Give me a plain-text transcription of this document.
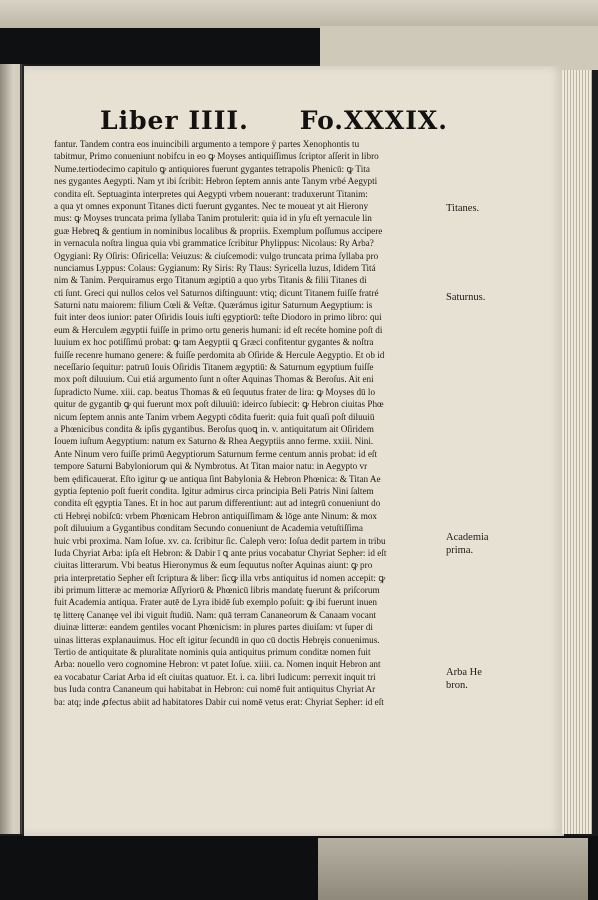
Liber IIII. Fo.XXXIX.
fantur. Tandem contra eos inuincibili argumento a tempore ÿ partes Xenophontis tu
tabitmur, Primo conueniunt nobifcu in eo ꝙ Moyses antiquiſſimus ſcriptor aſſerit in libro
Nume.tertiodecimo capitulo ꝙ antiquiores fuerunt gygantes tetrapolis Phenicū: ꝙ Tita
nes gygantes Aegypti. Nam yt ibi ſcribit: Hebron ſeptem annis ante Tanym vrbé Aegypti
condita eſt. Septuaginta interpretes qui Aegypti vrbem nouerant: traduxerunt Titanim:
a qua yt omnes exponunt Titanes dicti fuerunt gygantes. Nec te moueat yt ait Hierony
mus: ꝙ Moyses truncata prima ſyllaba Tanim protulerit: quia id in yſu eſt yernacule lin
guæ Hebreꝗ & gentium in nominibus localibus & propriis. Exemplum poſſumus accipere
in vernacula noſtra lingua quia vbi grammatice ſcribitur Phylippus: Nicolaus: Ry Arba?
Ogygiani: Ry Oſiris: Oſiricella: Veiuzus: & ciuſcemodi: vulgo truncata prima ſyllaba pro
nunciamus Lyppus: Colaus: Gygianum: Ry Siris: Ry Tlaus: Syricella luzus, Ididem Titá
nim & Tanim. Perquiramus ergo Titanum ægiptiū a quo yrbs Titanis & filii Titanes di
cti ſunt. Greci qui nullos celos vel Saturnos diſtinguunt: vtiq; dicunt Titanem fuiſſe fratré
Saturni natu maiorem: filium Cœli & Veſtæ. Quærámus igitur Saturnum Aegyptium: is
fuit inter deos iunior: pater Oſiridis Iouis iuſti ęgyptiorū: teſte Diodoro in primo libro: qui
eum & Herculem ægyptii fuiſſe in primo ortu generis humani: id eſt recéte homine poſt di
luuium ex hoc potiſſimú probat: ꝙ tam Aegyptii ꝗ Græci confitentur gygantes & noſtra
fuiſſe recenre humano genere: & fuiſſe perdomita ab Oſiride & Hercule Aegyptio. Et ob id
neceſſario ſequitur: patruū Iouis Oſiridis Titanem ægyptiū: & Saturnum egyptium fuiſſe
mox poſt diluuium. Cui etiá argumento ſunt n oſter Aquinas Thomas & Beroſus. Ait eni
ſupradicto Nume. xiii. cap. beatus Thomas & eū ſequutus frater de lira: ꝙ Moyses dū lo
quitur de gygantib ꝙ qui fuerunt mox poſt diluuiū: ideirco ſubiecit: ꝙ Hebron ciuitas Phœ
nicum ſeptem annis ante Tanim vrbem Aegypti cōdita fuerit: quia fuit quaſi poſt diluuiū
a Phœnicibus condita & ipſis gygantibus. Beroſus quoꝗ in. v. antiquitatum ait Oſiridem
Iouem iuſtum Aegyptium: natum ex Saturno & Rhea Aegyptiis anno ferme. xxiii. Nini.
Ante Ninum vero fuiſſe primū Aegyptiorum Saturnum ferme centum annis probat: id eſt
tempore Saturni Babyloniorum qui & Nymbrotus. At Titan maior natu: in Aegypto vr
bem ędificauerat. Eſto igitur ꝙ ue antiqua ſint Babylonia & Hebron Phœnica: & Titan Ae
gyptia ſeptenio poſt fuerit condita. Igitur admirus circa principia Beli Patris Nini ſaltem
condita eſt ęgyptia Tanes. Et in hoc aut parum differentiunt: aut ad integrū conueniunt do
cti Hebręi nobiſcū: vrbem Phœnicam Hebron antiquiſſimam & lōge ante Ninum: & mox
poſt diluuium a Gygantibus conditam Secundo conueniunt de Academia vetuſtiſſima
huic vrbi proxima. Nam Ioſue. xv. ca. ſcribitur ſic. Caleph vero: Ioſua dedit partem in tribu
Iuda Chyriat Arba: ipſa eſt Hebron: & Dabir ī ꝗ ante prius vocabatur Chyriat Sepher: id eſt
ciuitas litterarum. Vbi beatus Hieronymus & eum ſequutus noſter Aquinas aiunt: ꝙ pro
pria interpretatio Sepher eſt ſcriptura & liber: ſicꝙ illa vrbs antiquitus id nomen accepit: ꝙ
ibi primum litteræ ac memoriæ Aſſyriorū & Phœnicū libris mandatę fuerunt & priſcorum
fuit Academia antiqua. Frater autē de Lyra ibidē ſub exemplo poſuit: ꝙ ibi fuerunt inuen
tę litterę Cananęe vel ibi viguit ſtudiū. Nam: quā terram Cananeorum & Canaam vocant
diuinæ litteræ: eandem gentiles vocant Phœnicism: in plures partes diuiſam: vt ſuper di
uinas litteras explanauimus. Hoc eſt igitur ſecundū in quo cū doctis Hebręis conuenimus.
Tertio de antiquitate & pluralitate nominis quia antiquitus primum conditæ nomen fuit
Arba: nouello vero cognomine Hebron: vt patet Ioſue. xiiii. ca. Nomen inquit Hebron ant
ea vocabatur Cariat Arba id eſt ciuitas quatuor. Et. i. ca. libri Iudicum: perrexit inquit tri
bus Iuda contra Cananeum qui habitabat in Hebron: cui nomē fuit antiquitus Chyriat Ar
ba: atq; inde ꝓfectus abiit ad habitatores Dabir cui nomē vetus erat: Chyriat Sepher: id eſt
Titanes.
Saturnus.
Academia
prima.
Arba He
bron.
